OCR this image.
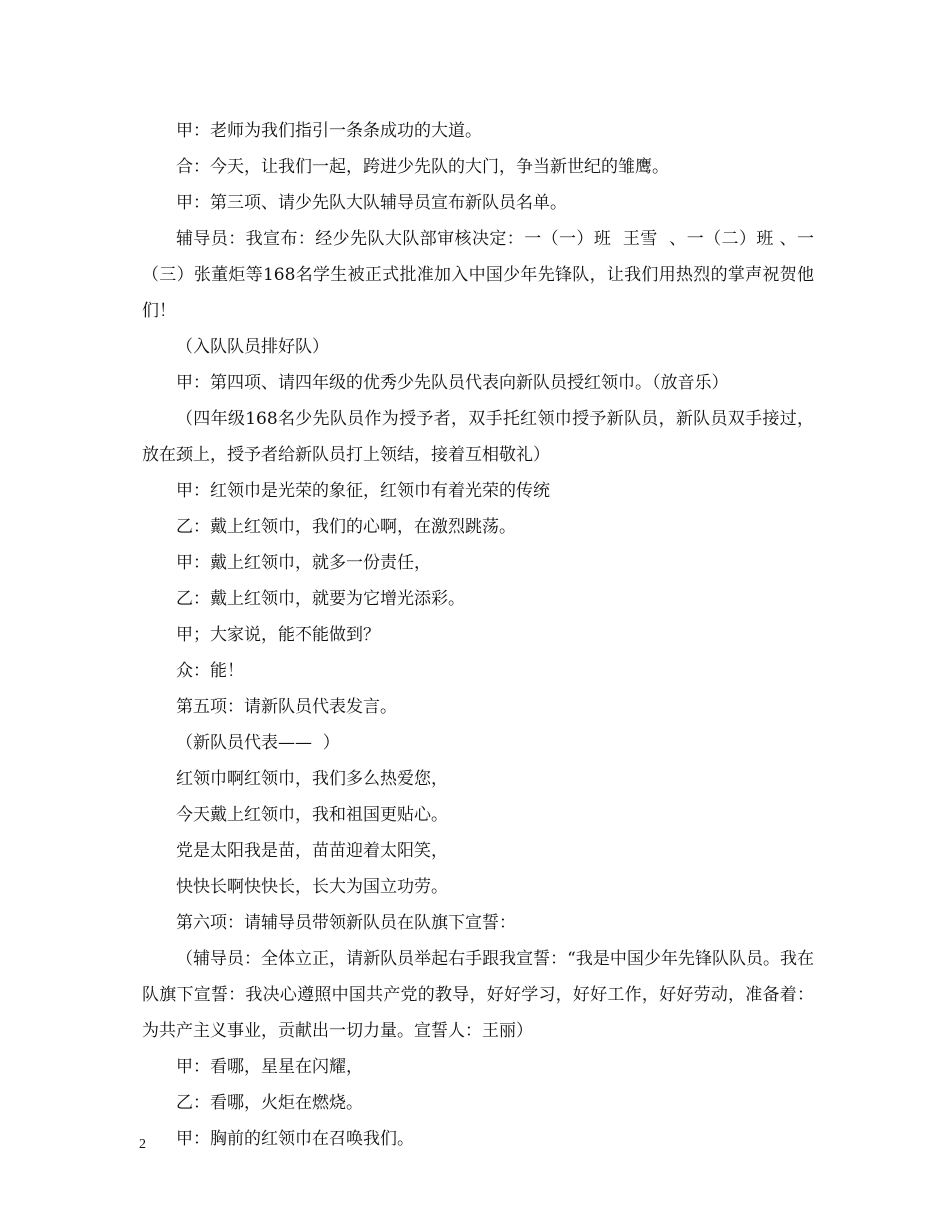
甲：老师为我们指引一条条成功的大道。

合：今天，让我们一起，跨进少先队的大门，争当新世纪的雏鹰。

甲：第三项、请少先队大队辅导员宣布新队员名单。

辅导员：我宣布：经少先队大队部审核决定：一（一）班  王雪  、一（二）班 、一（三）张董炬等168名学生被正式批准加入中国少年先锋队，让我们用热烈的掌声祝贺他们！

（入队队员排好队）

甲：第四项、请四年级的优秀少先队员代表向新队员授红领巾。（放音乐）

（四年级168名少先队员作为授予者，双手托红领巾授予新队员，新队员双手接过，放在颈上，授予者给新队员打上领结，接着互相敬礼）

甲：红领巾是光荣的象征，红领巾有着光荣的传统

乙：戴上红领巾，我们的心啊，在激烈跳荡。

甲：戴上红领巾，就多一份责任，

乙：戴上红领巾，就要为它增光添彩。

甲；大家说，能不能做到？

众：能！

第五项：请新队员代表发言。

（新队员代表——  ）

红领巾啊红领巾，我们多么热爱您，

今天戴上红领巾，我和祖国更贴心。

党是太阳我是苗，苗苗迎着太阳笑，

快快长啊快快长，长大为国立功劳。

第六项：请辅导员带领新队员在队旗下宣誓：

（辅导员：全体立正，请新队员举起右手跟我宣誓：“我是中国少年先锋队队员。我在队旗下宣誓：我决心遵照中国共产党的教导，好好学习，好好工作，好好劳动，准备着：为共产主义事业，贡献出一切力量。宣誓人：王丽）

甲：看哪，星星在闪耀，

乙：看哪，火炬在燃烧。

甲：胸前的红领巾在召唤我们。

2
